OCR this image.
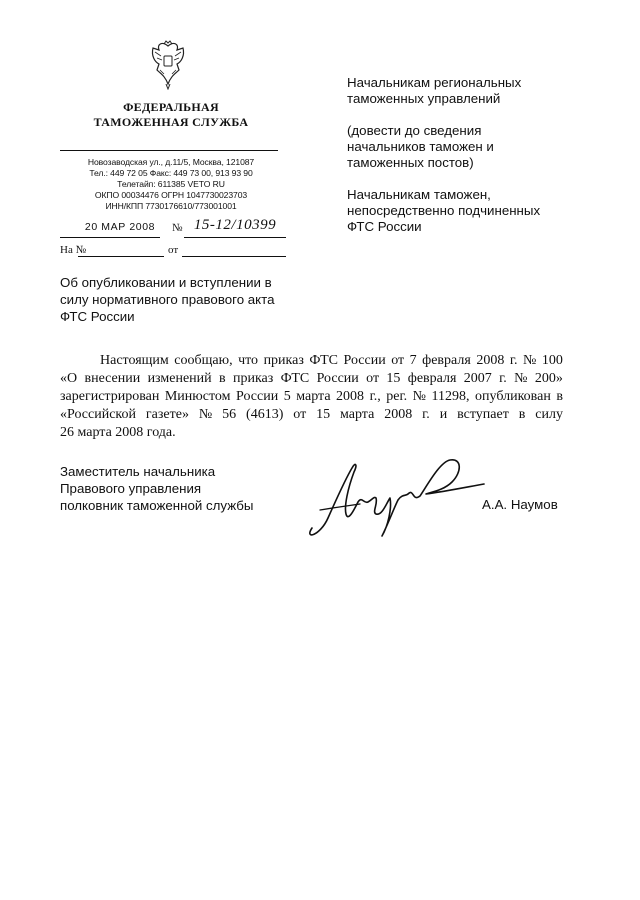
ФЕДЕРАЛЬНАЯ
ТАМОЖЕННАЯ СЛУЖБА
Новозаводская ул., д.11/5, Москва, 121087
Тел.: 449 72 05 Факс: 449 73 00, 913 93 90
Телетайп: 611385 VETO RU
ОКПО 00034476 ОГРН 1047730023703
ИНН/КПП 7730176610/773001001
20 МАР 2008	№ 15-12/10399
На №	от
Начальникам региональных
таможенных управлений
(довести до сведения
начальников таможен и
таможенных постов)
Начальникам таможен,
непосредственно подчиненных
ФТС России
Об опубликовании и вступлении в
силу нормативного правового акта
ФТС России
Настоящим сообщаю, что приказ ФТС России от 7 февраля 2008 г. № 100
«О внесении изменений в приказ ФТС России от 15 февраля 2007 г. № 200»
зарегистрирован Минюстом России 5 марта 2008 г., рег. № 11298, опубликован в
«Российской газете» № 56 (4613) от 15 марта 2008 г. и вступает в силу
26 марта 2008 года.
Заместитель начальника
Правового управления
полковник таможенной службы	А.А. Наумов
